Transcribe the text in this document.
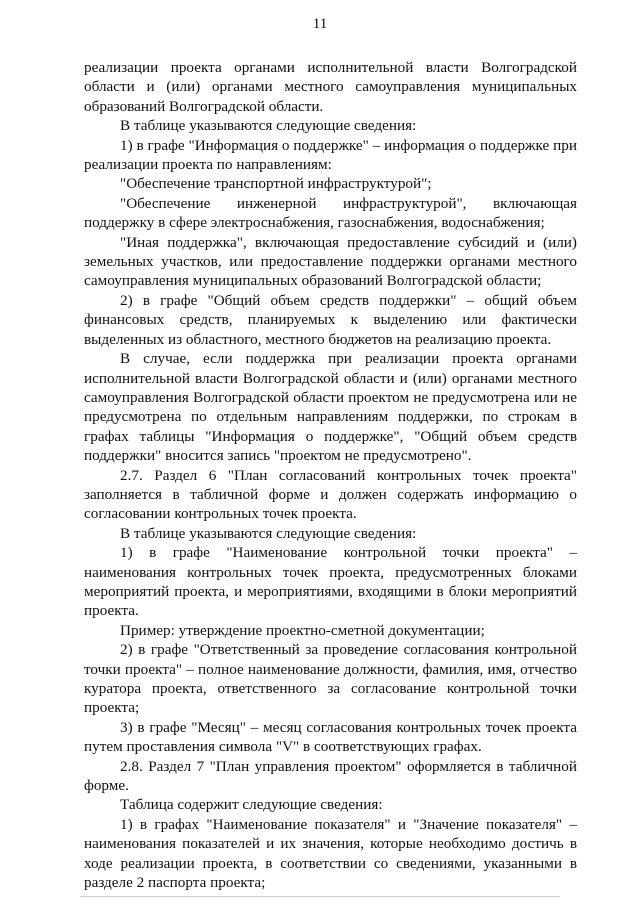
11

реализации проекта органами исполнительной власти Волгоградской области и (или) органами местного самоуправления муниципальных образований Волгоградской области.

В таблице указываются следующие сведения:

1) в графе "Информация о поддержке" – информация о поддержке при реализации проекта по направлениям:

"Обеспечение транспортной инфраструктурой";

"Обеспечение инженерной инфраструктурой", включающая поддержку в сфере электроснабжения, газоснабжения, водоснабжения;

"Иная поддержка", включающая предоставление субсидий и (или) земельных участков, или предоставление поддержки органами местного самоуправления муниципальных образований Волгоградской области;

2) в графе "Общий объем средств поддержки" – общий объем финансовых средств, планируемых к выделению или фактически выделенных из областного, местного бюджетов на реализацию проекта.

В случае, если поддержка при реализации проекта органами исполнительной власти Волгоградской области и (или) органами местного самоуправления Волгоградской области проектом не предусмотрена или не предусмотрена по отдельным направлениям поддержки, по строкам в графах таблицы "Информация о поддержке", "Общий объем средств поддержки" вносится запись "проектом не предусмотрено".

2.7. Раздел 6 "План согласований контрольных точек проекта" заполняется в табличной форме и должен содержать информацию о согласовании контрольных точек проекта.

В таблице указываются следующие сведения:

1) в графе "Наименование контрольной точки проекта" – наименования контрольных точек проекта, предусмотренных блоками мероприятий проекта, и мероприятиями, входящими в блоки мероприятий проекта.

Пример: утверждение проектно-сметной документации;

2) в графе "Ответственный за проведение согласования контрольной точки проекта" – полное наименование должности, фамилия, имя, отчество куратора проекта, ответственного за согласование контрольной точки проекта;

3) в графе "Месяц" – месяц согласования контрольных точек проекта путем проставления символа "V" в соответствующих графах.

2.8. Раздел 7 "План управления проектом" оформляется в табличной форме.

Таблица содержит следующие сведения:

1) в графах "Наименование показателя" и "Значение показателя" – наименования показателей и их значения, которые необходимо достичь в ходе реализации проекта, в соответствии со сведениями, указанными в разделе 2 паспорта проекта;
